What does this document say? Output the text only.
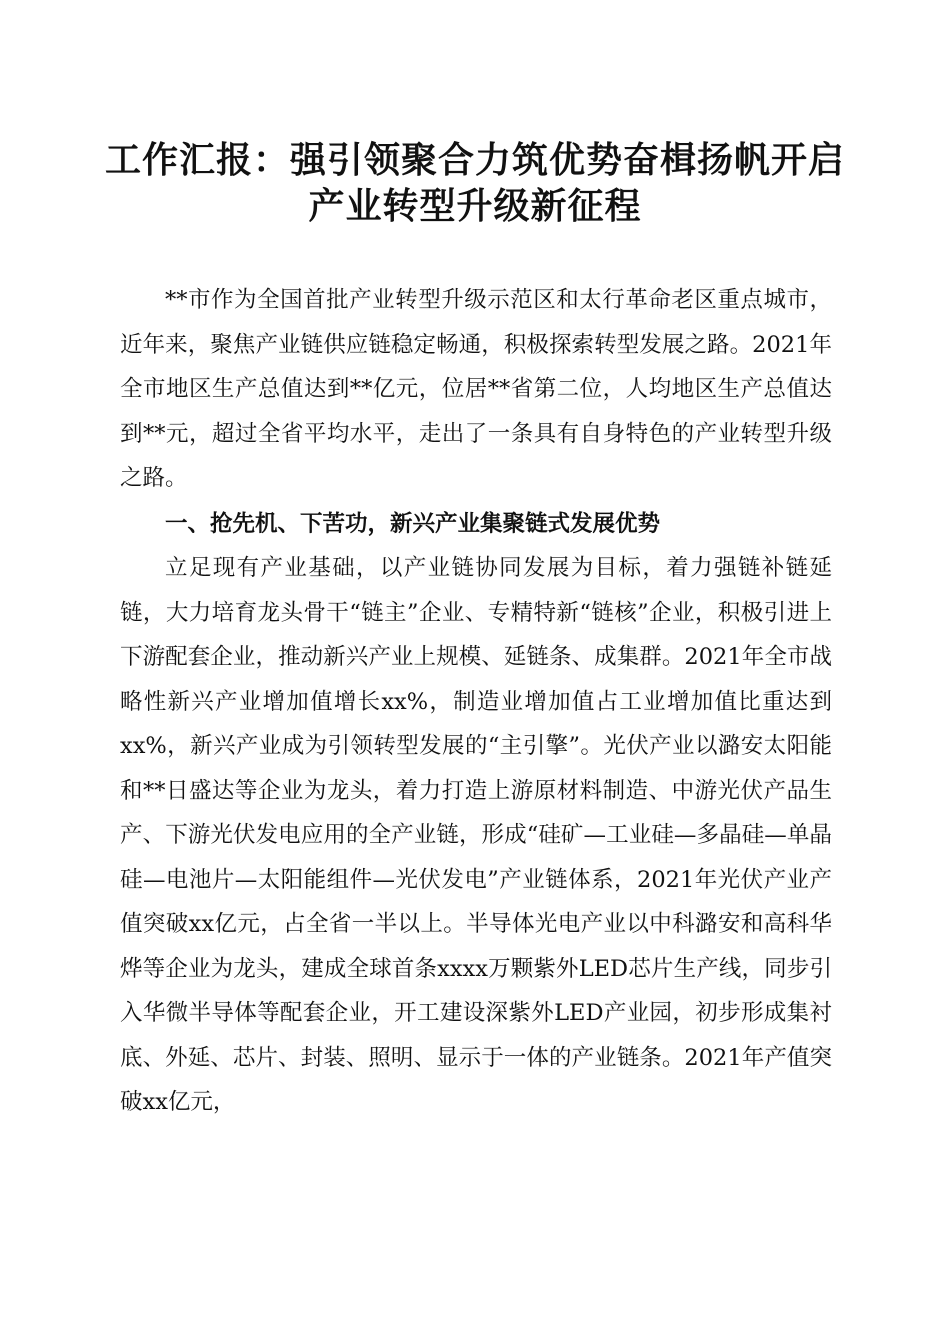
工作汇报：强引领聚合力筑优势奋楫扬帆开启
产业转型升级新征程

**市作为全国首批产业转型升级示范区和太行革命老区重点城市，近年来，聚焦产业链供应链稳定畅通，积极探索转型发展之路。2021年全市地区生产总值达到**亿元，位居**省第二位，人均地区生产总值达到**元，超过全省平均水平，走出了一条具有自身特色的产业转型升级之路。

一、抢先机、下苦功，新兴产业集聚链式发展优势

立足现有产业基础，以产业链协同发展为目标，着力强链补链延链，大力培育龙头骨干“链主”企业、专精特新“链核”企业，积极引进上下游配套企业，推动新兴产业上规模、延链条、成集群。2021年全市战略性新兴产业增加值增长xx%，制造业增加值占工业增加值比重达到xx%，新兴产业成为引领转型发展的“主引擎”。光伏产业以潞安太阳能和**日盛达等企业为龙头，着力打造上游原材料制造、中游光伏产品生产、下游光伏发电应用的全产业链，形成“硅矿—工业硅—多晶硅—单晶硅—电池片—太阳能组件—光伏发电”产业链体系，2021年光伏产业产值突破xx亿元，占全省一半以上。半导体光电产业以中科潞安和高科华烨等企业为龙头，建成全球首条xxxx万颗紫外LED芯片生产线，同步引入华微半导体等配套企业，开工建设深紫外LED产业园，初步形成集衬底、外延、芯片、封装、照明、显示于一体的产业链条。2021年产值突破xx亿元，
